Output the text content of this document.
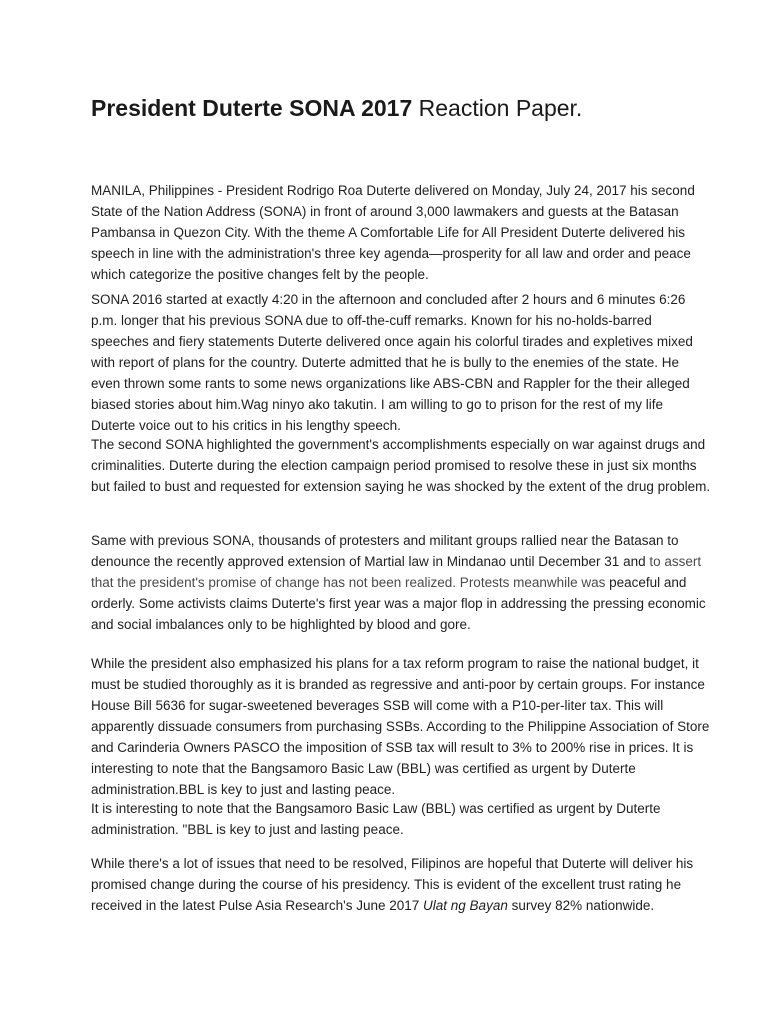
President Duterte SONA 2017 Reaction Paper.

MANILA, Philippines - President Rodrigo Roa Duterte delivered on Monday, July 24, 2017 his second State of the Nation Address (SONA) in front of around 3,000 lawmakers and guests at the Batasan Pambansa in Quezon City. With the theme A Comfortable Life for All President Duterte delivered his speech in line with the administration's three key agenda—prosperity for all law and order and peace which categorize the positive changes felt by the people.

SONA 2016 started at exactly 4:20 in the afternoon and concluded after 2 hours and 6 minutes 6:26 p.m. longer that his previous SONA due to off-the-cuff remarks. Known for his no-holds-barred speeches and fiery statements Duterte delivered once again his colorful tirades and expletives mixed with report of plans for the country. Duterte admitted that he is bully to the enemies of the state. He even thrown some rants to some news organizations like ABS-CBN and Rappler for the their alleged biased stories about him.Wag ninyo ako takutin. I am willing to go to prison for the rest of my life Duterte voice out to his critics in his lengthy speech.

The second SONA highlighted the government's accomplishments especially on war against drugs and criminalities. Duterte during the election campaign period promised to resolve these in just six months but failed to bust and requested for extension saying he was shocked by the extent of the drug problem.

Same with previous SONA, thousands of protesters and militant groups rallied near the Batasan to denounce the recently approved extension of Martial law in Mindanao until December 31 and to assert that the president's promise of change has not been realized. Protests meanwhile was peaceful and orderly. Some activists claims Duterte's first year was a major flop in addressing the pressing economic and social imbalances only to be highlighted by blood and gore.

While the president also emphasized his plans for a tax reform program to raise the national budget, it must be studied thoroughly as it is branded as regressive and anti-poor by certain groups. For instance House Bill 5636 for sugar-sweetened beverages SSB will come with a P10-per-liter tax. This will apparently dissuade consumers from purchasing SSBs. According to the Philippine Association of Store and Carinderia Owners PASCO the imposition of SSB tax will result to 3% to 200% rise in prices. It is interesting to note that the Bangsamoro Basic Law (BBL) was certified as urgent by Duterte administration.BBL is key to just and lasting peace.

It is interesting to note that the Bangsamoro Basic Law (BBL) was certified as urgent by Duterte administration. "BBL is key to just and lasting peace.

While there's a lot of issues that need to be resolved, Filipinos are hopeful that Duterte will deliver his promised change during the course of his presidency. This is evident of the excellent trust rating he received in the latest Pulse Asia Research's June 2017 Ulat ng Bayan survey 82% nationwide.
